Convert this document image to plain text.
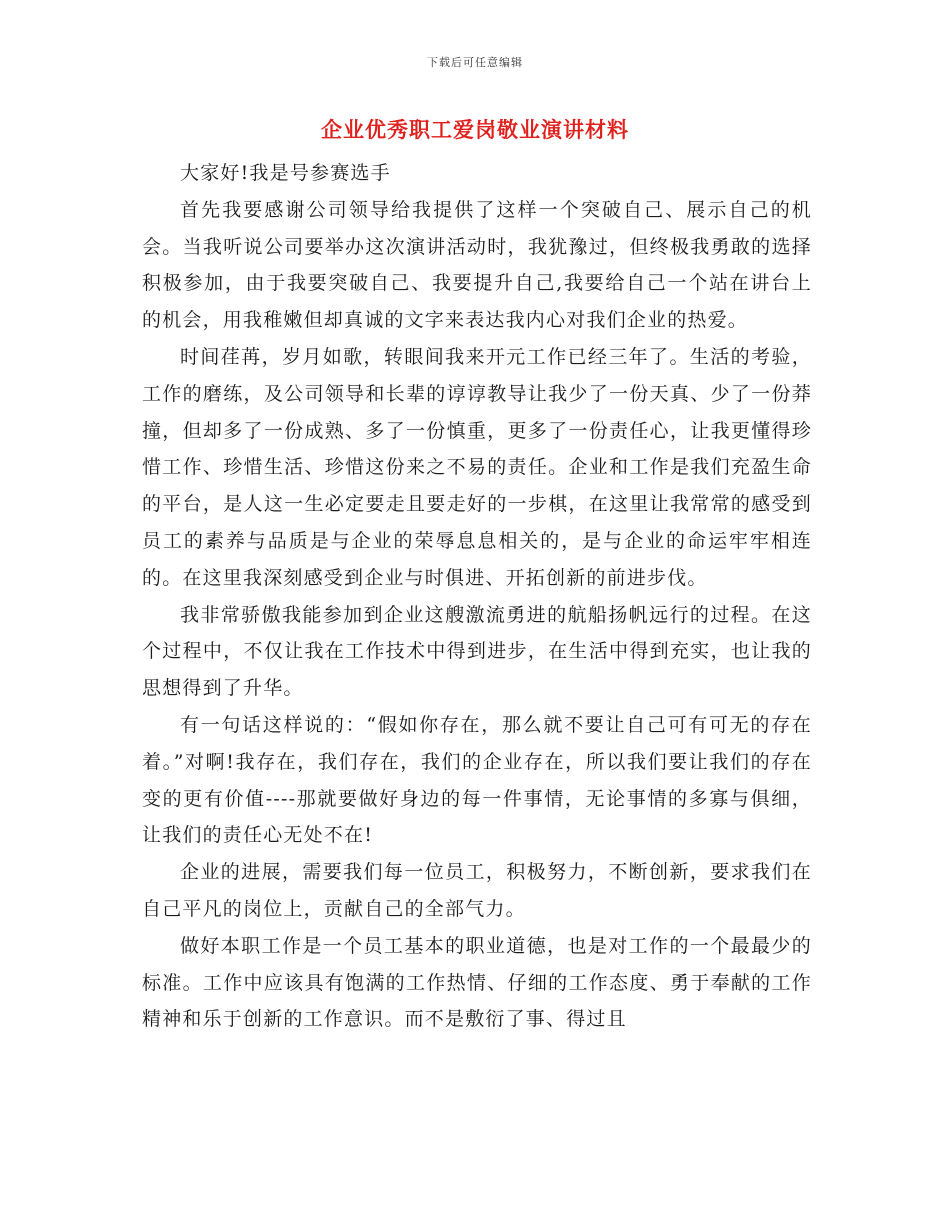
下载后可任意编辑
企业优秀职工爱岗敬业演讲材料

大家好!我是号参赛选手

首先我要感谢公司领导给我提供了这样一个突破自己、展示自己的机会。当我听说公司要举办这次演讲活动时，我犹豫过，但终极我勇敢的选择积极参加，由于我要突破自己、我要提升自己,我要给自己一个站在讲台上的机会，用我稚嫩但却真诚的文字来表达我内心对我们企业的热爱。

时间荏苒，岁月如歌，转眼间我来开元工作已经三年了。生活的考验，工作的磨练，及公司领导和长辈的谆谆教导让我少了一份天真、少了一份莽撞，但却多了一份成熟、多了一份慎重，更多了一份责任心，让我更懂得珍惜工作、珍惜生活、珍惜这份来之不易的责任。企业和工作是我们充盈生命的平台，是人这一生必定要走且要走好的一步棋，在这里让我常常的感受到员工的素养与品质是与企业的荣辱息息相关的，是与企业的命运牢牢相连的。在这里我深刻感受到企业与时俱进、开拓创新的前进步伐。

我非常骄傲我能参加到企业这艘激流勇进的航船扬帆远行的过程。在这个过程中，不仅让我在工作技术中得到进步，在生活中得到充实，也让我的思想得到了升华。

有一句话这样说的：“假如你存在，那么就不要让自己可有可无的存在着。”对啊!我存在，我们存在，我们的企业存在，所以我们要让我们的存在变的更有价值----那就要做好身边的每一件事情，无论事情的多寡与俱细，让我们的责任心无处不在!

企业的进展，需要我们每一位员工，积极努力，不断创新，要求我们在自己平凡的岗位上，贡献自己的全部气力。

做好本职工作是一个员工基本的职业道德，也是对工作的一个最最少的标准。工作中应该具有饱满的工作热情、仔细的工作态度、勇于奉献的工作精神和乐于创新的工作意识。而不是敷衍了事、得过且
